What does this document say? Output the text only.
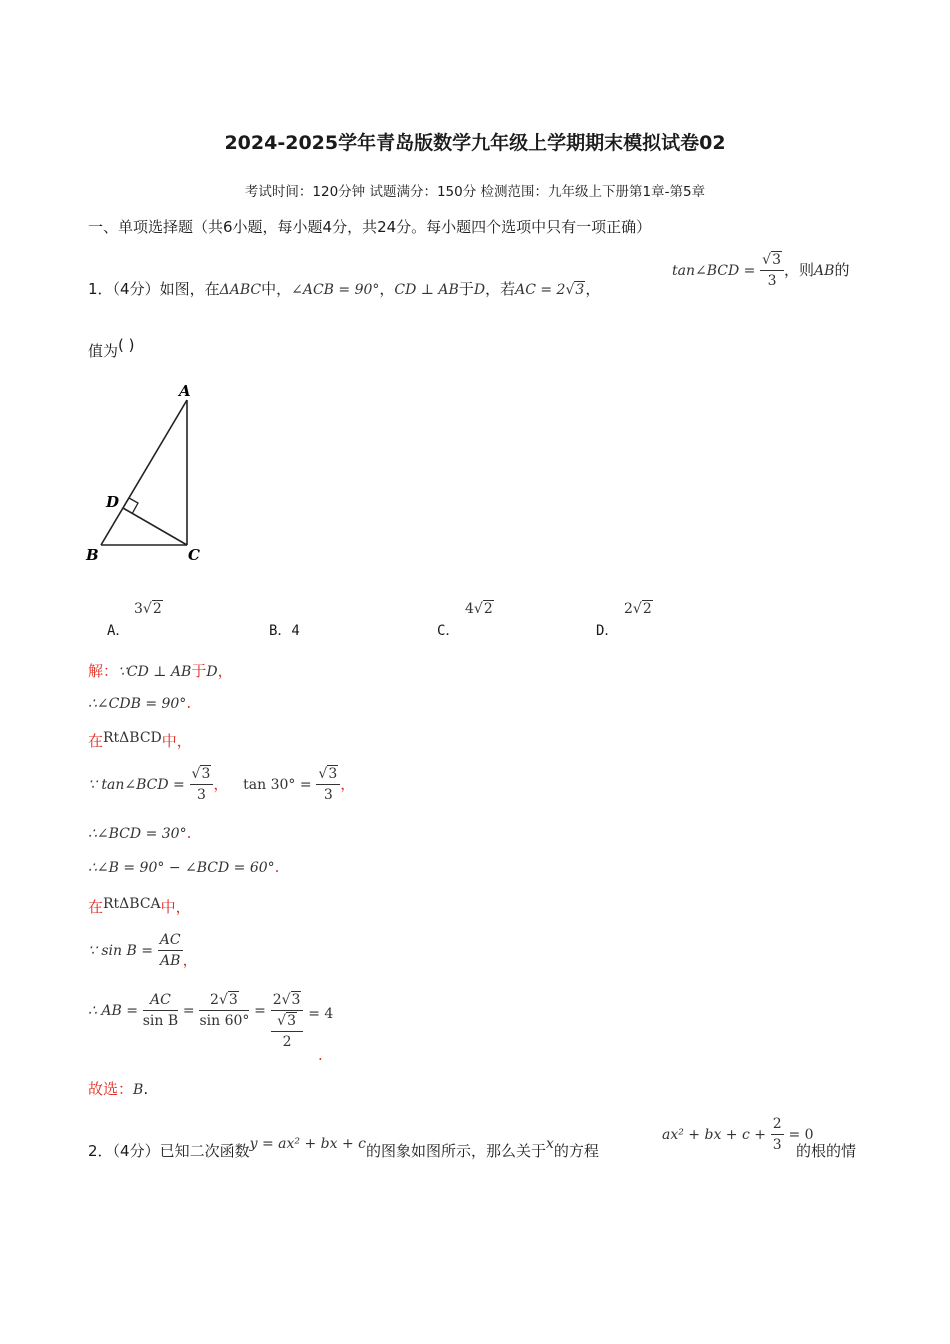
2024-2025学年青岛版数学九年级上学期期末模拟试卷02
考试时间：120分钟 试题满分：150分 检测范围：九年级上下册第1章-第5章
一、单项选择题（共6小题，每小题4分，共24分。每小题四个选项中只有一项正确）
1．（4分）如图，在ΔABC中，∠ACB = 90°，CD ⊥ AB于D，若AC = 2√3，
tan∠BCD = $\frac{√3}{3}$ ，则AB的
值为( )
A
D
B	C
A．
3√2
B．4	C．
4√2
D．
2√2
解：∵CD ⊥ AB于D，
∴∠CDB = 90°.
在RtΔBCD中，
∵ tan∠BCD = $\frac{√3}{3}$ ， $\tan 30^\circ = \frac{√3}{3}$ ，
∴∠BCD = 30°.
∴∠B = 90° − ∠BCD = 60°.
在RtΔBCA中，
∵ $\sin B = \frac{AC}{AB}$ ，
∴ AB = $\frac{AC}{\text{sin B}} = \frac{2√3}{\sin 60^\circ}$ =
2√3
√3
2
= 4
.
故选：B.
2．（4分）已知二次函数y = ax² + bx + c的图象如图所示，那么关于x的方程
ax² + bx + $c + \frac{2}{3} = 0$
的根的情
